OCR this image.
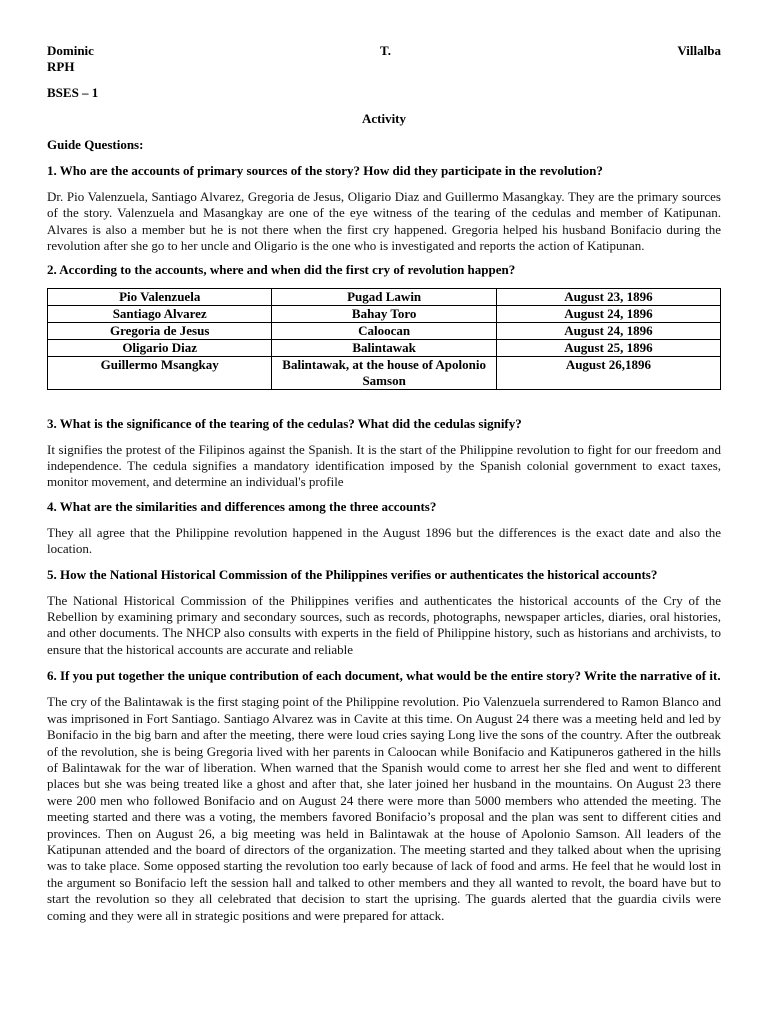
Dominic	T.	Villalba
RPH
BSES – 1
Activity
Guide Questions:
1. Who are the accounts of primary sources of the story? How did they participate in the revolution?
Dr. Pio Valenzuela, Santiago Alvarez, Gregoria de Jesus, Oligario Diaz and Guillermo Masangkay. They are the primary sources of the story. Valenzuela and Masangkay are one of the eye witness of the tearing of the cedulas and member of Katipunan. Alvares is also a member but he is not there when the first cry happened. Gregoria helped his husband Bonifacio during the revolution after she go to her uncle and Oligario is the one who is investigated and reports the action of Katipunan.
2. According to the accounts, where and when did the first cry of revolution happen?
Pio Valenzuela	Pugad Lawin	August 23, 1896
Santiago Alvarez	Bahay Toro	August 24, 1896
Gregoria de Jesus	Caloocan	August 24, 1896
Oligario Diaz	Balintawak	August 25, 1896
Guillermo Msangkay	Balintawak, at the house of Apolonio Samson	August 26,1896
3. What is the significance of the tearing of the cedulas? What did the cedulas signify?
It signifies the protest of the Filipinos against the Spanish. It is the start of the Philippine revolution to fight for our freedom and independence. The cedula signifies a mandatory identification imposed by the Spanish colonial government to exact taxes, monitor movement, and determine an individual's profile
4. What are the similarities and differences among the three accounts?
They all agree that the Philippine revolution happened in the August 1896 but the differences is the exact date and also the location.
5. How the National Historical Commission of the Philippines verifies or authenticates the historical accounts?
The National Historical Commission of the Philippines verifies and authenticates the historical accounts of the Cry of the Rebellion by examining primary and secondary sources, such as records, photographs, newspaper articles, diaries, oral histories, and other documents. The NHCP also consults with experts in the field of Philippine history, such as historians and archivists, to ensure that the historical accounts are accurate and reliable
6. If you put together the unique contribution of each document, what would be the entire story? Write the narrative of it.
The cry of the Balintawak is the first staging point of the Philippine revolution. Pio Valenzuela surrendered to Ramon Blanco and was imprisoned in Fort Santiago. Santiago Alvarez was in Cavite at this time. On August 24 there was a meeting held and led by Bonifacio in the big barn and after the meeting, there were loud cries saying Long live the sons of the country. After the outbreak of the revolution, she is being Gregoria lived with her parents in Caloocan while Bonifacio and Katipuneros gathered in the hills of Balintawak for the war of liberation. When warned that the Spanish would come to arrest her she fled and went to different places but she was being treated like a ghost and after that, she later joined her husband in the mountains. On August 23 there were 200 men who followed Bonifacio and on August 24 there were more than 5000 members who attended the meeting. The meeting started and there was a voting, the members favored Bonifacio’s proposal and the plan was sent to different cities and provinces. Then on August 26, a big meeting was held in Balintawak at the house of Apolonio Samson. All leaders of the Katipunan attended and the board of directors of the organization. The meeting started and they talked about when the uprising was to take place. Some opposed starting the revolution too early because of lack of food and arms. He feel that he would lost in the argument so Bonifacio left the session hall and talked to other members and they all wanted to revolt, the board have but to start the revolution so they all celebrated that decision to start the uprising. The guards alerted that the guardia civils were coming and they were all in strategic positions and were prepared for attack.
